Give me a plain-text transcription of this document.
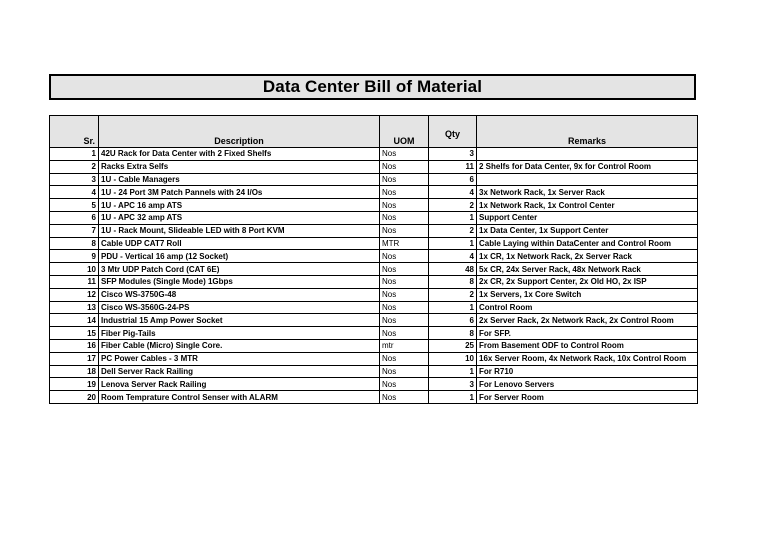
Data Center Bill of Material
Sr.	Description	UOM	Qty	Remarks
1	42U Rack for Data Center with 2 Fixed Shelfs	Nos	3	
2	Racks Extra Selfs	Nos	11	2 Shelfs for Data Center, 9x for Control Room
3	1U - Cable Managers	Nos	6	
4	1U - 24 Port 3M Patch Pannels with 24 I/Os	Nos	4	3x Network Rack, 1x Server Rack
5	1U - APC 16 amp ATS	Nos	2	1x Network Rack, 1x Control Center
6	1U - APC 32 amp ATS	Nos	1	Support Center
7	1U - Rack Mount, Slideable LED with 8 Port KVM	Nos	2	1x Data Center, 1x Support Center
8	Cable UDP CAT7 Roll	MTR	1	Cable Laying within DataCenter and Control Room
9	PDU - Vertical 16 amp (12 Socket)	Nos	4	1x CR, 1x Network Rack, 2x Server Rack
10	3 Mtr UDP Patch Cord (CAT 6E)	Nos	48	5x CR, 24x Server Rack, 48x Network Rack
11	SFP Modules (Single Mode) 1Gbps	Nos	8	2x CR, 2x Support Center, 2x Old HO, 2x ISP
12	Cisco WS-3750G-48	Nos	2	1x Servers, 1x Core Switch
13	Cisco WS-3560G-24-PS	Nos	1	Control Room
14	Industrial 15 Amp Power Socket	Nos	6	2x Server Rack, 2x Network Rack, 2x Control Room
15	Fiber Pig-Tails	Nos	8	For SFP.
16	Fiber Cable (Micro) Single Core.	mtr	25	From Basement ODF to Control Room
17	PC Power Cables - 3 MTR	Nos	10	16x Server Room, 4x Network Rack, 10x Control Room
18	Dell Server Rack Railing	Nos	1	For R710
19	Lenova Server Rack Railing	Nos	3	For Lenovo Servers
20	Room Temprature Control Senser with ALARM	Nos	1	For Server Room
